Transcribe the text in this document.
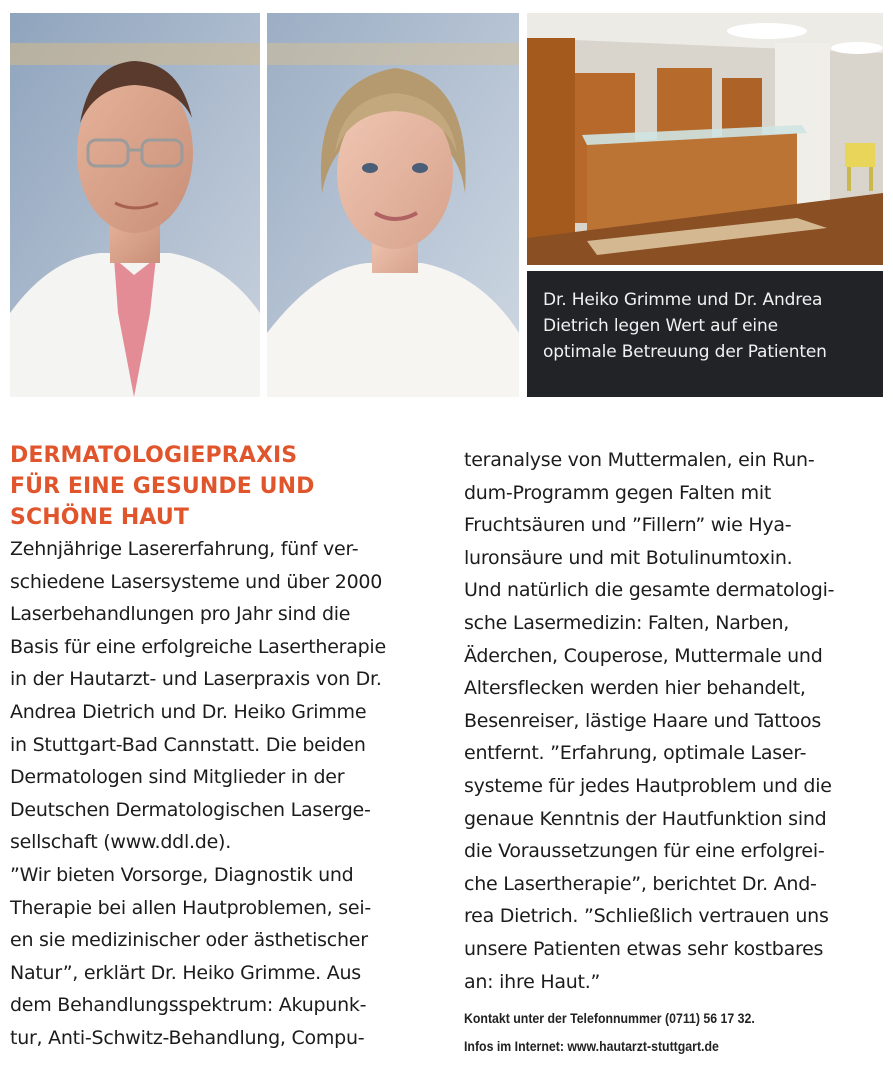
Dr. Heiko Grimme und Dr. Andrea
Dietrich legen Wert auf eine
optimale Betreuung der Patienten
DERMATOLOGIEPRAXIS
FÜR EINE GESUNDE UND
SCHÖNE HAUT
Zehnjährige Lasererfahrung, fünf ver-
schiedene Lasersysteme und über 2000
Laserbehandlungen pro Jahr sind die
Basis für eine erfolgreiche Lasertherapie
in der Hautarzt- und Laserpraxis von Dr.
Andrea Dietrich und Dr. Heiko Grimme
in Stuttgart-Bad Cannstatt. Die beiden
Dermatologen sind Mitglieder in der
Deutschen Dermatologischen Laserge-
sellschaft (www.ddl.de).
”Wir bieten Vorsorge, Diagnostik und
Therapie bei allen Hautproblemen, sei-
en sie medizinischer oder ästhetischer
Natur”, erklärt Dr. Heiko Grimme. Aus
dem Behandlungsspektrum: Akupunk-
tur, Anti-Schwitz-Behandlung, Compu-
teranalyse von Muttermalen, ein Run-
dum-Programm gegen Falten mit
Fruchtsäuren und ”Fillern” wie Hya-
luronsäure und mit Botulinumtoxin.
Und natürlich die gesamte dermatologi-
sche Lasermedizin: Falten, Narben,
Äderchen, Couperose, Muttermale und
Altersflecken werden hier behandelt,
Besenreiser, lästige Haare und Tattoos
entfernt. ”Erfahrung, optimale Laser-
systeme für jedes Hautproblem und die
genaue Kenntnis der Hautfunktion sind
die Voraussetzungen für eine erfolgrei-
che Lasertherapie”, berichtet Dr. And-
rea Dietrich. ”Schließlich vertrauen uns
unsere Patienten etwas sehr kostbares
an: ihre Haut.”
Kontakt unter der Telefonnummer (0711) 56 17 32.
Infos im Internet: www.hautarzt-stuttgart.de
